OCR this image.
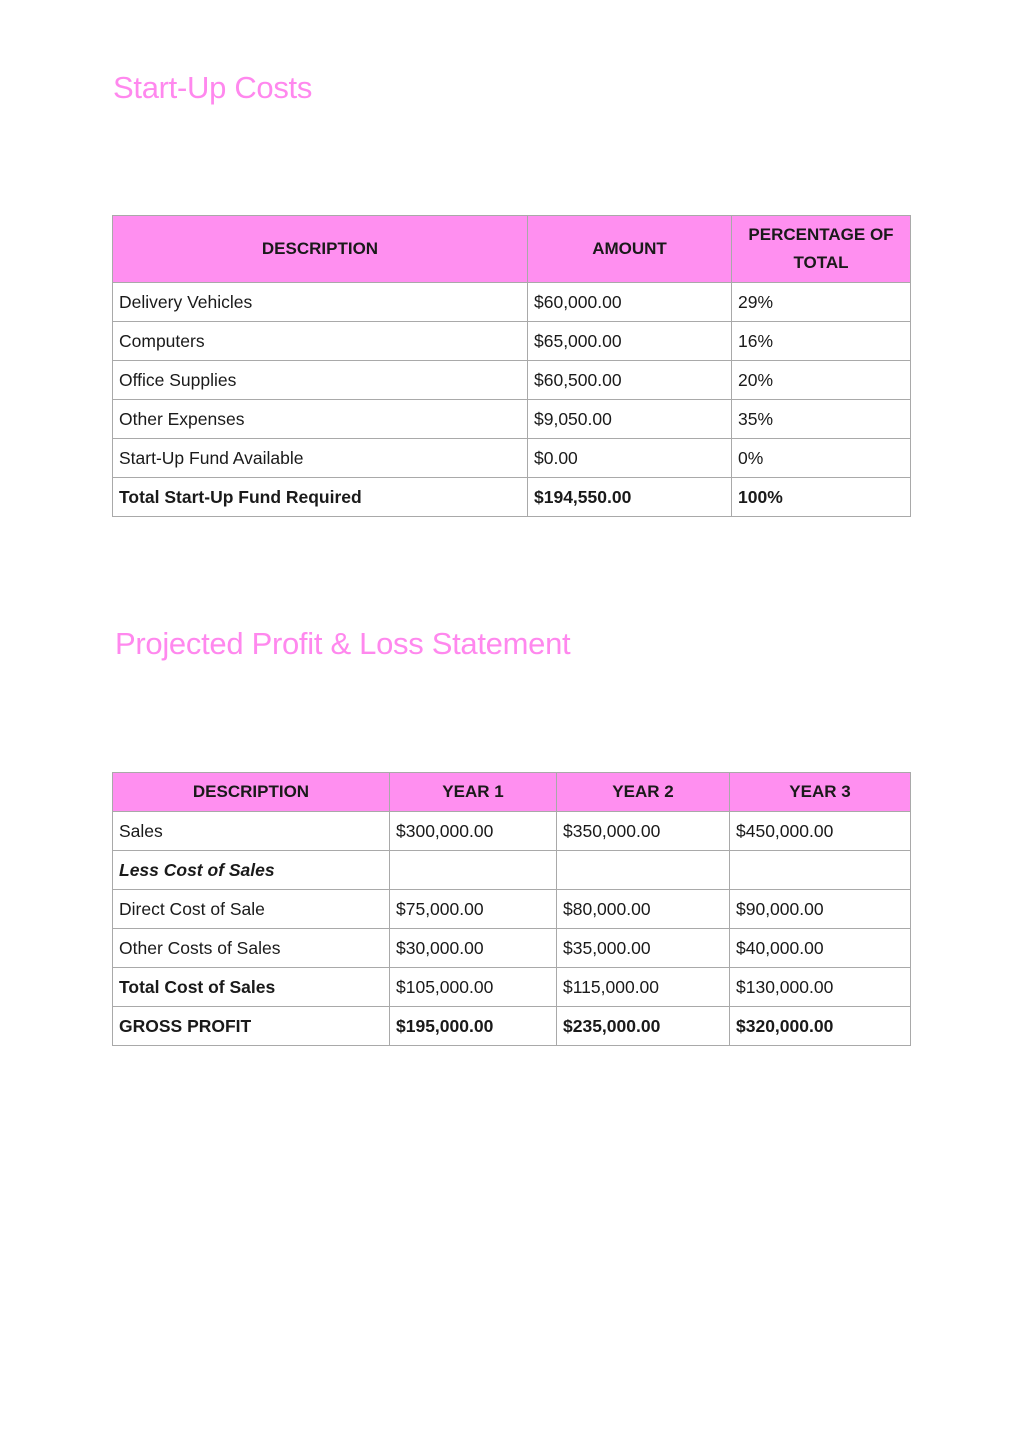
Start-Up Costs
DESCRIPTION	AMOUNT	PERCENTAGE OF TOTAL
Delivery Vehicles	$60,000.00	29%
Computers	$65,000.00	16%
Office Supplies	$60,500.00	20%
Other Expenses	$9,050.00	35%
Start-Up Fund Available	$0.00	0%
Total Start-Up Fund Required	$194,550.00	100%
Projected Profit & Loss Statement
DESCRIPTION	YEAR 1	YEAR 2	YEAR 3
Sales	$300,000.00	$350,000.00	$450,000.00
Less Cost of Sales			
Direct Cost of Sale	$75,000.00	$80,000.00	$90,000.00
Other Costs of Sales	$30,000.00	$35,000.00	$40,000.00
Total Cost of Sales	$105,000.00	$115,000.00	$130,000.00
GROSS PROFIT	$195,000.00	$235,000.00	$320,000.00
